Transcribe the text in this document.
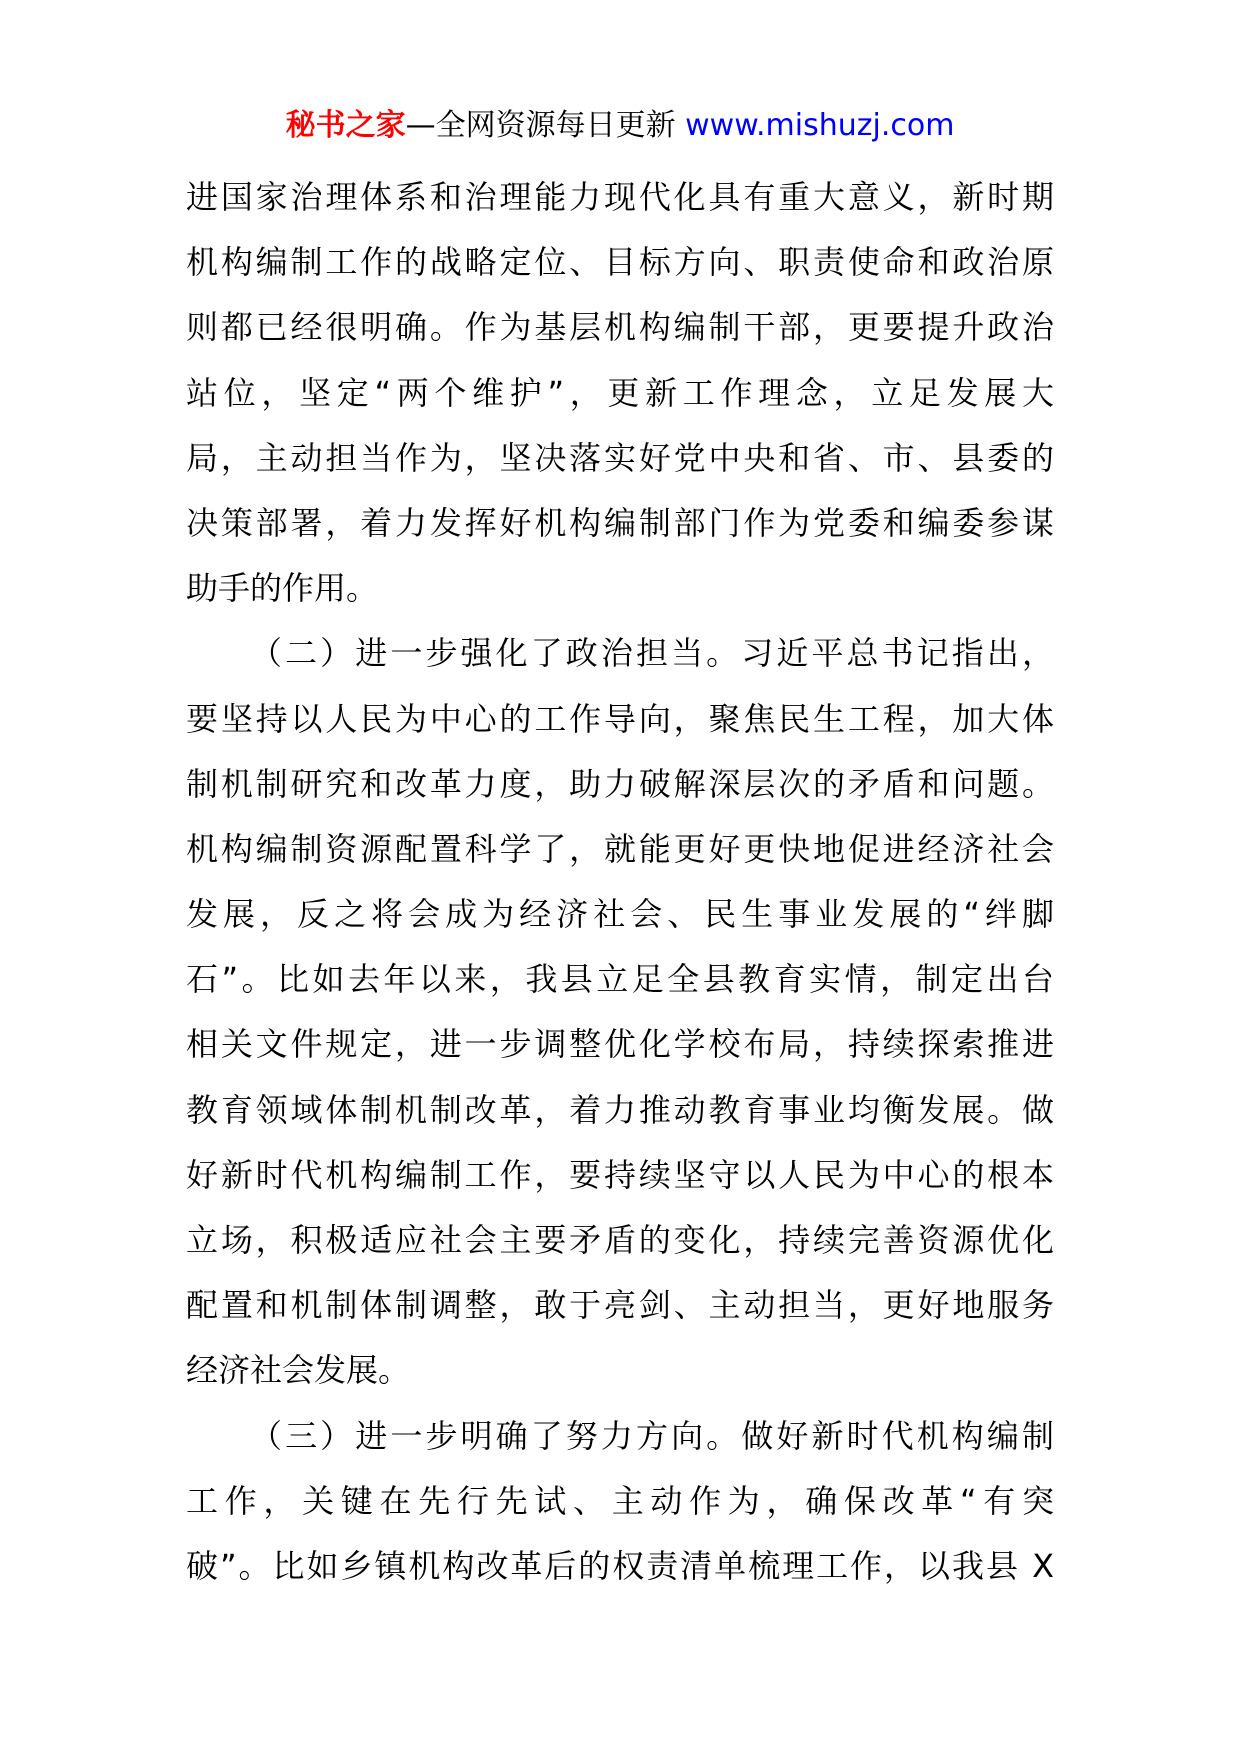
秘书之家—全网资源每日更新 www.mishuzj.com
进国家治理体系和治理能力现代化具有重大意义，新时期
机构编制工作的战略定位、目标方向、职责使命和政治原
则都已经很明确。作为基层机构编制干部，更要提升政治
站位，坚定“两个维护”，更新工作理念，立足发展大
局，主动担当作为，坚决落实好党中央和省、市、县委的
决策部署，着力发挥好机构编制部门作为党委和编委参谋
助手的作用。
（二）进一步强化了政治担当。习近平总书记指出，
要坚持以人民为中心的工作导向，聚焦民生工程，加大体
制机制研究和改革力度，助力破解深层次的矛盾和问题。
机构编制资源配置科学了，就能更好更快地促进经济社会
发展，反之将会成为经济社会、民生事业发展的“绊脚
石”。比如去年以来，我县立足全县教育实情，制定出台
相关文件规定，进一步调整优化学校布局，持续探索推进
教育领域体制机制改革，着力推动教育事业均衡发展。做
好新时代机构编制工作，要持续坚守以人民为中心的根本
立场，积极适应社会主要矛盾的变化，持续完善资源优化
配置和机制体制调整，敢于亮剑、主动担当，更好地服务
经济社会发展。
（三）进一步明确了努力方向。做好新时代机构编制
工作，关键在先行先试、主动作为，确保改革“有突
破”。比如乡镇机构改革后的权责清单梳理工作，以我县 X
